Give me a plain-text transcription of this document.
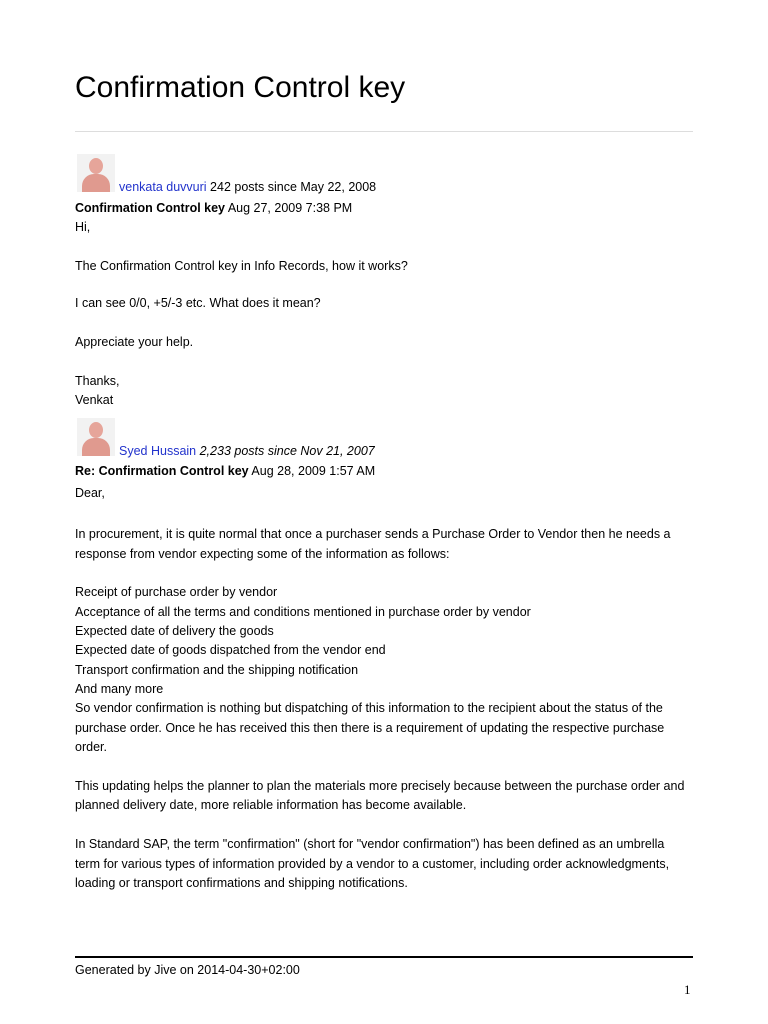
Confirmation Control key
venkata duvvuri 242 posts since May 22, 2008

Confirmation Control key Aug 27, 2009 7:38 PM

Hi,

The Confirmation Control key in Info Records, how it works?

I can see 0/0, +5/-3 etc. What does it mean?

Appreciate your help.

Thanks,

Venkat

Syed Hussain 2,233 posts since Nov 21, 2007

Re: Confirmation Control key Aug 28, 2009 1:57 AM

Dear,

In procurement, it is quite normal that once a purchaser sends a Purchase Order to Vendor then he needs a

response from vendor expecting some of the information as follows:

Receipt of purchase order by vendor

Acceptance of all the terms and conditions mentioned in purchase order by vendor

Expected date of delivery the goods

Expected date of goods dispatched from the vendor end

Transport confirmation and the shipping notification

And many more

So vendor confirmation is nothing but dispatching of this information to the recipient about the status of the

purchase order. Once he has received this then there is a requirement of updating the respective purchase

order.

This updating helps the planner to plan the materials more precisely because between the purchase order and

planned delivery date, more reliable information has become available.

In Standard SAP, the term "confirmation" (short for "vendor confirmation") has been defined as an umbrella

term for various types of information provided by a vendor to a customer, including order acknowledgments,

loading or transport confirmations and shipping notifications.

Generated by Jive on 2014-04-30+02:00
1
